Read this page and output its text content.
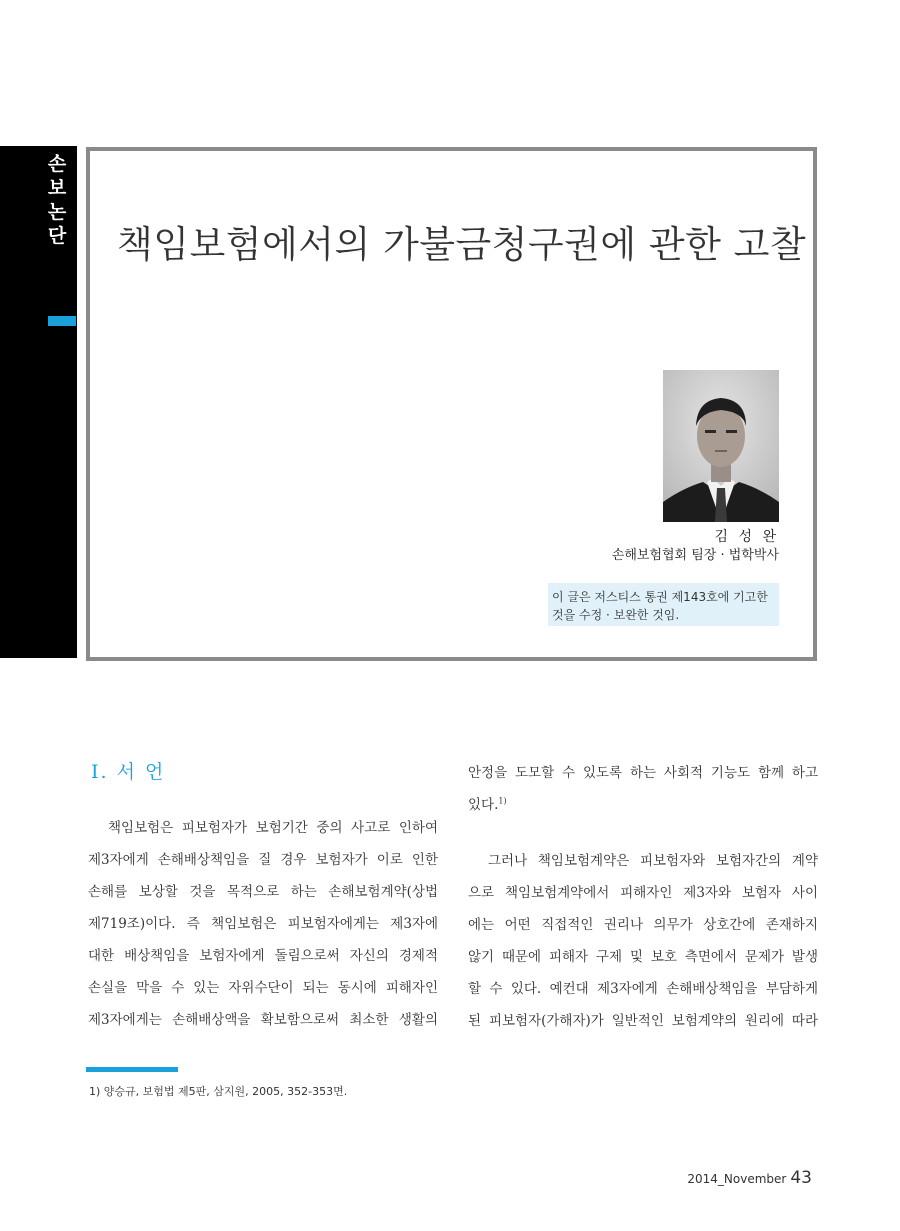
손
보
논
단 책임보험에서의 가불금청구권에 관한 고찰
김 성 완
손해보험협회 팀장 · 법학박사
이 글은 저스티스 통권 제143호에 기고한
것을 수정 · 보완한 것임.
Ⅰ. 서 언
책임보험은 피보험자가 보험기간 중의 사고로 인하여
제3자에게 손해배상책임을 질 경우 보험자가 이로 인한
손해를 보상할 것을 목적으로 하는 손해보험계약(상법
제719조)이다. 즉 책임보험은 피보험자에게는 제3자에
대한 배상책임을 보험자에게 돌림으로써 자신의 경제적
손실을 막을 수 있는 자위수단이 되는 동시에 피해자인
제3자에게는 손해배상액을 확보함으로써 최소한 생활의
안정을 도모할 수 있도록 하는 사회적 기능도 함께 하고
있다.$^{1)}$
그러나 책임보험계약은 피보험자와 보험자간의 계약
으로 책임보험계약에서 피해자인 제3자와 보험자 사이
에는 어떤 직접적인 권리나 의무가 상호간에 존재하지
않기 때문에 피해자 구제 및 보호 측면에서 문제가 발생
할 수 있다. 예컨대 제3자에게 손해배상책임을 부담하게
된 피보험자(가해자)가 일반적인 보험계약의 원리에 따라
1) 양승규, 보험법 제5판, 삼지원, 2005, 352-353면.
2014_November 43
